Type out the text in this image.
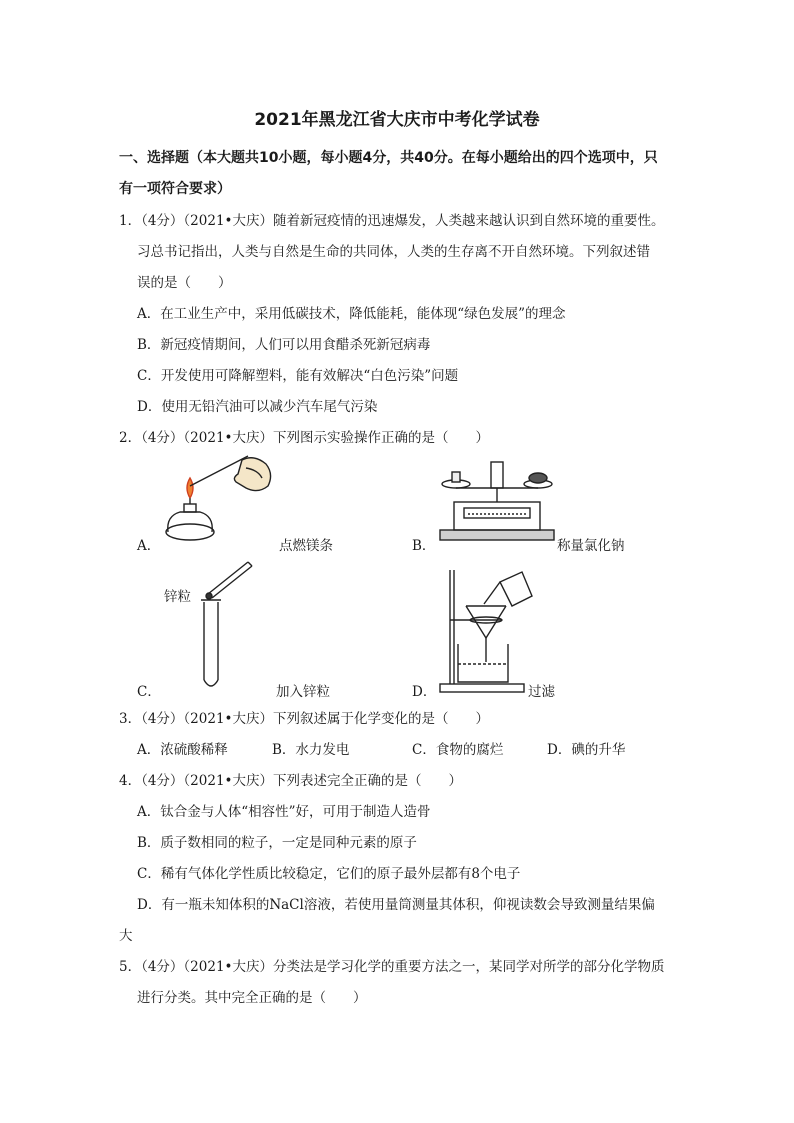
2021年黑龙江省大庆市中考化学试卷
一、选择题（本大题共10小题，每小题4分，共40分。在每小题给出的四个选项中，只
有一项符合要求）
1．（4分）（2021•大庆）随着新冠疫情的迅速爆发，人类越来越认识到自然环境的重要性。
习总书记指出，人类与自然是生命的共同体，人类的生存离不开自然环境。下列叙述错
误的是（　　）
A．在工业生产中，采用低碳技术，降低能耗，能体现“绿色发展”的理念
B．新冠疫情期间，人们可以用食醋杀死新冠病毒
C．开发使用可降解塑料，能有效解决“白色污染”问题
D．使用无铅汽油可以减少汽车尾气污染
2．（4分）（2021•大庆）下列图示实验操作正确的是（　　）
A．	点燃镁条	B．	称量氯化钠
锌粒
C．	加入锌粒	D．	过滤
3．（4分）（2021•大庆）下列叙述属于化学变化的是（　　）
A．浓硫酸稀释	B．水力发电	C．食物的腐烂	D．碘的升华
4．（4分）（2021•大庆）下列表述完全正确的是（　　）
A．钛合金与人体“相容性”好，可用于制造人造骨
B．质子数相同的粒子，一定是同种元素的原子
C．稀有气体化学性质比较稳定，它们的原子最外层都有8个电子
D．有一瓶未知体积的NaCl溶液，若使用量筒测量其体积，仰视读数会导致测量结果偏
大
5．（4分）（2021•大庆）分类法是学习化学的重要方法之一，某同学对所学的部分化学物质
进行分类。其中完全正确的是（　　）
